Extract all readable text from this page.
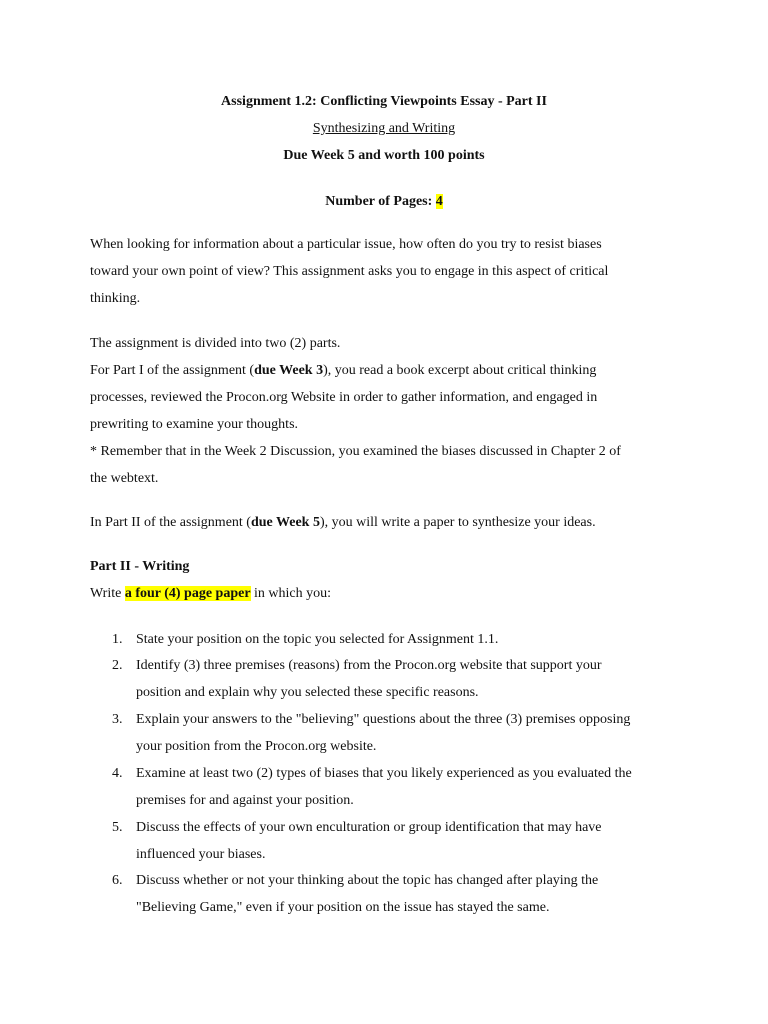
Assignment 1.2: Conflicting Viewpoints Essay - Part II
Synthesizing and Writing
Due Week 5 and worth 100 points
Number of Pages: 4
When looking for information about a particular issue, how often do you try to resist biases
toward your own point of view? This assignment asks you to engage in this aspect of critical
thinking.
The assignment is divided into two (2) parts.
For Part I of the assignment (due Week 3), you read a book excerpt about critical thinking
processes, reviewed the Procon.org Website in order to gather information, and engaged in
prewriting to examine your thoughts.
* Remember that in the Week 2 Discussion, you examined the biases discussed in Chapter 2 of
the webtext.
In Part II of the assignment (due Week 5), you will write a paper to synthesize your ideas.
Part II - Writing
Write a four (4) page paper in which you:
1. State your position on the topic you selected for Assignment 1.1.
2. Identify (3) three premises (reasons) from the Procon.org website that support your
position and explain why you selected these specific reasons.
3. Explain your answers to the "believing" questions about the three (3) premises opposing
your position from the Procon.org website.
4. Examine at least two (2) types of biases that you likely experienced as you evaluated the
premises for and against your position.
5. Discuss the effects of your own enculturation or group identification that may have
influenced your biases.
6. Discuss whether or not your thinking about the topic has changed after playing the
"Believing Game," even if your position on the issue has stayed the same.
